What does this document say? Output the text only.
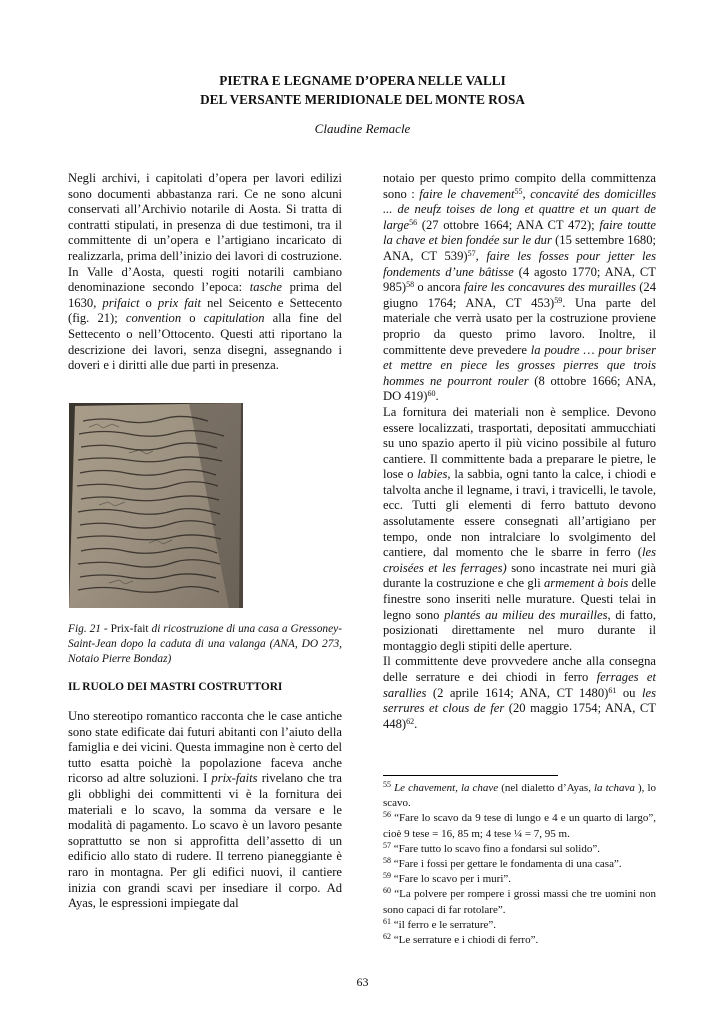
PIETRA E LEGNAME D’OPERA NELLE VALLI
DEL VERSANTE MERIDIONALE DEL MONTE ROSA
Claudine Remacle

Negli archivi, i capitolati d’opera per lavori edilizi sono documenti abbastanza rari. Ce ne sono alcuni conservati all’Archivio notarile di Aosta. Si tratta di contratti stipulati, in presenza di due testimoni, tra il committente di un’opera e l’artigiano incaricato di realizzarla, prima dell’inizio dei lavori di costruzione. In Valle d’Aosta, questi rogiti notarili cambiano denominazione secondo l’epoca: tasche prima del 1630, prifaict o prix fait nel Seicento e Settecento (fig. 21); convention o capitulation alla fine del Settecento o nell’Ottocento. Questi atti riportano la descrizione dei lavori, senza disegni, assegnando i doveri e i diritti alle due parti in presenza.

Fig. 21 - Prix-fait di ricostruzione di una casa a Gressoney-Saint-Jean dopo la caduta di una valanga (ANA, DO 273, Notaio Pierre Bondaz)
IL RUOLO DEI MASTRI COSTRUTTORI

Uno stereotipo romantico racconta che le case antiche sono state edificate dai futuri abitanti con l’aiuto della famiglia e dei vicini. Questa immagine non è certo del tutto esatta poichè la popolazione faceva anche ricorso ad altre soluzioni. I prix-faits rivelano che tra gli obblighi dei committenti vi è la fornitura dei materiali e lo scavo, la somma da versare e le modalità di pagamento. Lo scavo è un lavoro pesante soprattutto se non si approfitta dell’assetto di un edificio allo stato di rudere. Il terreno pianeggiante è raro in montagna. Per gli edifici nuovi, il cantiere inizia con grandi scavi per insediare il corpo. Ad Ayas, le espressioni impiegate dal

notaio per questo primo compito della committenza sono : faire le chavement$^{55}$, concavité des domicilles ... de neufz toises de long et quattre et un quart de large$^{56}$ (27 ottobre 1664; ANA CT 472); faire toutte la chave et bien fondée sur le dur (15 settembre 1680; ANA, CT 539)$^{57}$, faire les fosses pour jetter les fondements d’une bâtisse (4 agosto 1770; ANA, CT 985)$^{58}$ o ancora faire les concavures des murailles (24 giugno 1764; ANA, CT 453)$^{59}$. Una parte del materiale che verrà usato per la costruzione proviene proprio da questo primo lavoro. Inoltre, il committente deve prevedere la poudre … pour briser et mettre en piece les grosses pierres que trois hommes ne pourront rouler (8 ottobre 1666; ANA, DO 419)$^{60}$.

La fornitura dei materiali non è semplice. Devono essere localizzati, trasportati, depositati ammucchiati su uno spazio aperto il più vicino possibile al futuro cantiere. Il committente bada a preparare le pietre, le lose o labies, la sabbia, ogni tanto la calce, i chiodi e talvolta anche il legname, i travi, i travicelli, le tavole, ecc. Tutti gli elementi di ferro battuto devono assolutamente essere consegnati all’artigiano per tempo, onde non intralciare lo svolgimento del cantiere, dal momento che le sbarre in ferro (les croisées et les ferrages) sono incastrate nei muri già durante la costruzione e che gli armement à bois delle finestre sono inseriti nelle murature. Questi telai in legno sono plantés au milieu des murailles, di fatto, posizionati direttamente nel muro durante il montaggio degli stipiti delle aperture.

Il committente deve provvedere anche alla consegna delle serrature e dei chiodi in ferro ferrages et sarallies (2 aprile 1614; ANA, CT 1480)$^{61}$ ou les serrures et clous de fer (20 maggio 1754; ANA, CT 448)$^{62}$.

$^{55}$ Le chavement, la chave (nel dialetto d’Ayas, la tchava ), lo scavo.

$^{56}$ “Fare lo scavo da 9 tese di lungo e 4 e un quarto di largo”, cioè 9 tese = 16, 85 m; 4 tese ¼ = 7, 95 m.

$^{57}$ “Fare tutto lo scavo fino a fondarsi sul solido”.

$^{58}$ “Fare i fossi per gettare le fondamenta di una casa”.

$^{59}$ “Fare lo scavo per i muri”.

$^{60}$ “La polvere per rompere i grossi massi che tre uomini non sono capaci di far rotolare”.

$^{61}$ “il ferro e le serrature”.

$^{62}$ “Le serrature e i chiodi di ferro”.

63
